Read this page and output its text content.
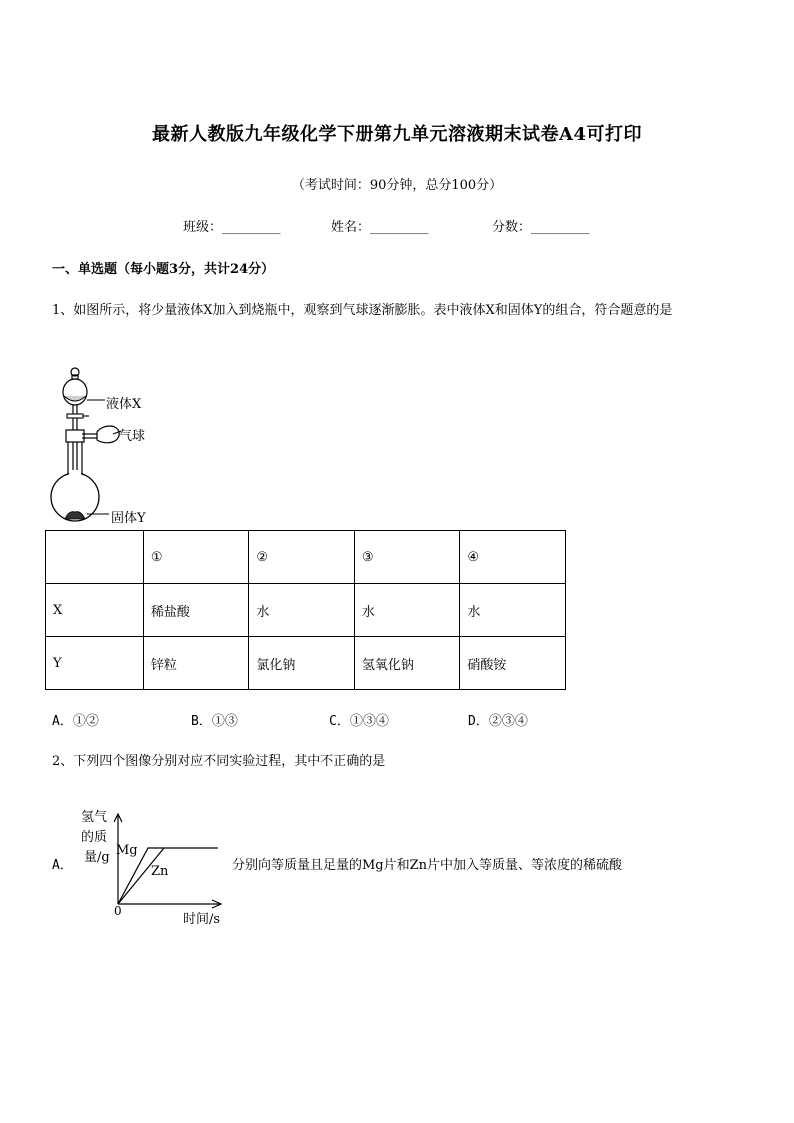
最新人教版九年级化学下册第九单元溶液期末试卷A4可打印
（考试时间：90分钟，总分100分）
班级：_________	姓名：_________	分数：_________
一、单选题（每小题3分，共计24分）
1、如图所示，将少量液体X加入到烧瓶中，观察到气球逐渐膨胀。表中液体X和固体Y的组合，符合题意的是
液体X
气球
固体Y
	①	②	③	④
X	稀盐酸	水	水	水
Y	锌粒	氯化钠	氢氧化钠	硝酸铵
A．①②	B．①③	C．①③④	D．②③④
2、下列四个图像分别对应不同实验过程，其中不正确的是
氢气
的质
量/g Mg
Zn
0
时间/s
A．	分别向等质量且足量的Mg片和Zn片中加入等质量、等浓度的稀硫酸
